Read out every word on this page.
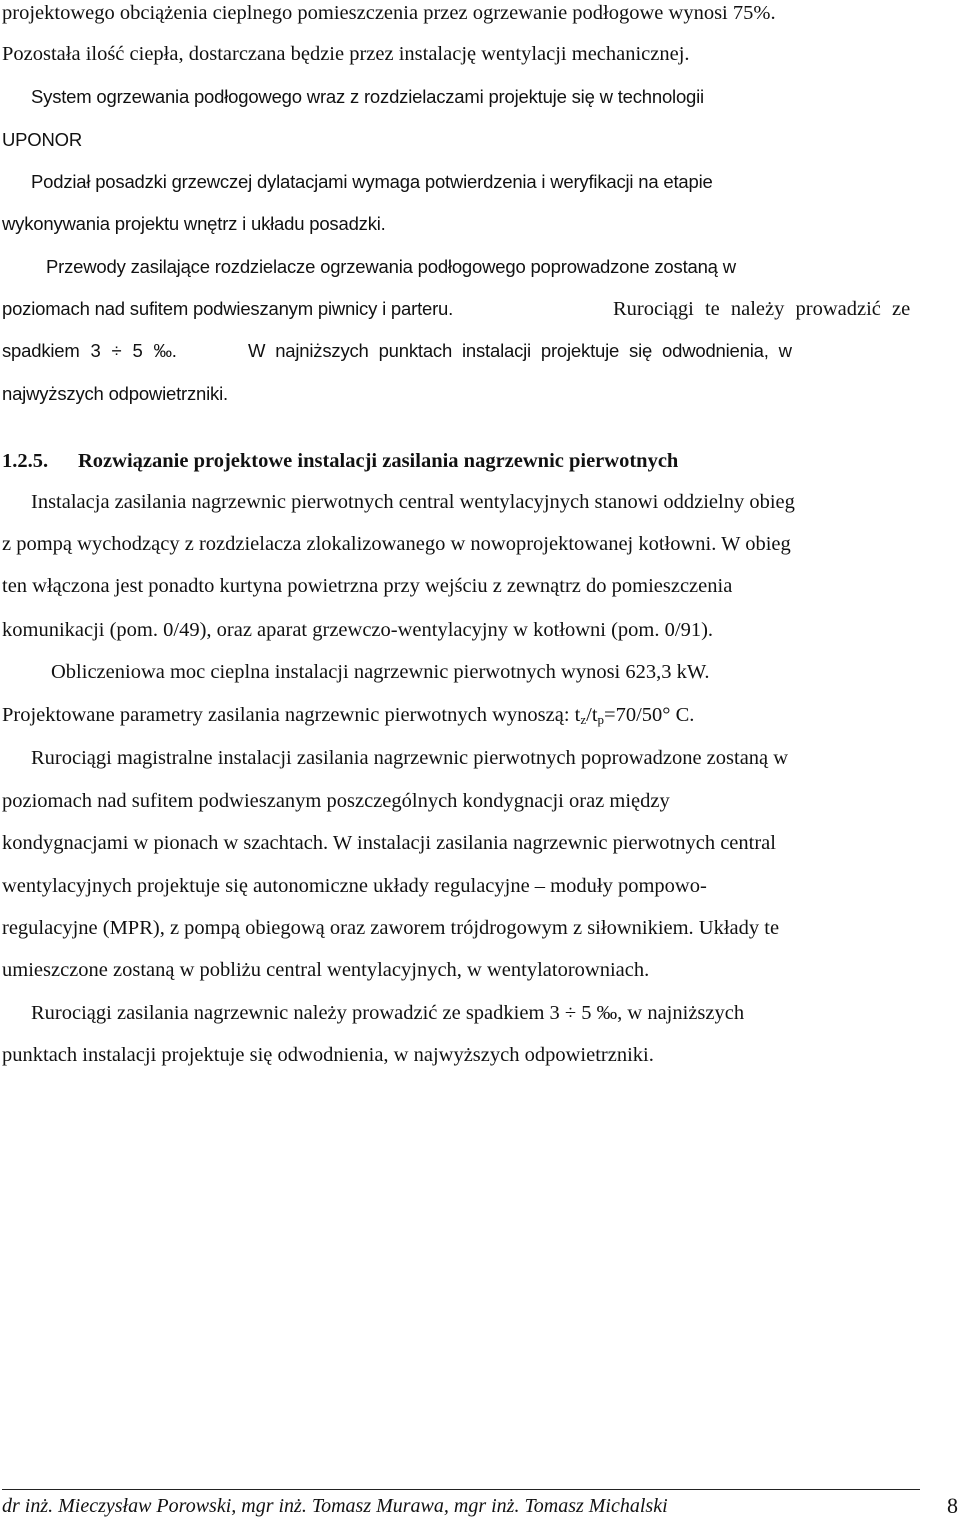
projektowego obciążenia cieplnego pomieszczenia przez ogrzewanie podłogowe wynosi 75%.
Pozostała ilość ciepła, dostarczana będzie przez instalację wentylacji mechanicznej.
System ogrzewania podłogowego wraz z rozdzielaczami projektuje się w technologii
UPONOR
Podział posadzki grzewczej dylatacjami wymaga potwierdzenia i weryfikacji na etapie
wykonywania projektu wnętrz i układu posadzki.
Przewody zasilające rozdzielacze ogrzewania podłogowego poprowadzone zostaną w
poziomach nad sufitem podwieszanym piwnicy i parteru.	Rurociągi te należy prowadzić ze
spadkiem 3 ÷ 5 ‰.	W najniższych punktach instalacji projektuje się odwodnienia, w
najwyższych odpowietrzniki.
1.2.5. Rozwiązanie projektowe instalacji zasilania nagrzewnic pierwotnych
Instalacja zasilania nagrzewnic pierwotnych central wentylacyjnych stanowi oddzielny obieg
z pompą wychodzący z rozdzielacza zlokalizowanego w nowoprojektowanej kotłowni. W obieg
ten włączona jest ponadto kurtyna powietrzna przy wejściu z zewnątrz do pomieszczenia
komunikacji (pom. 0/49), oraz aparat grzewczo-wentylacyjny w kotłowni (pom. 0/91).
Obliczeniowa moc cieplna instalacji nagrzewnic pierwotnych wynosi 623,3 kW.
Projektowane parametry zasilania nagrzewnic pierwotnych wynoszą: $t_z/t_p=70/50^\circ$ C.
Rurociągi magistralne instalacji zasilania nagrzewnic pierwotnych poprowadzone zostaną w
poziomach nad sufitem podwieszanym poszczególnych kondygnacji oraz między
kondygnacjami w pionach w szachtach. W instalacji zasilania nagrzewnic pierwotnych central
wentylacyjnych projektuje się autonomiczne układy regulacyjne – moduły pompowo-
regulacyjne (MPR), z pompą obiegową oraz zaworem trójdrogowym z siłownikiem. Układy te
umieszczone zostaną w pobliżu central wentylacyjnych, w wentylatorowniach.
Rurociągi zasilania nagrzewnic należy prowadzić ze spadkiem 3 ÷ 5 ‰, w najniższych
punktach instalacji projektuje się odwodnienia, w najwyższych odpowietrzniki.
dr inż. Mieczysław Porowski, mgr inż. Tomasz Murawa, mgr inż. Tomasz Michalski	8
